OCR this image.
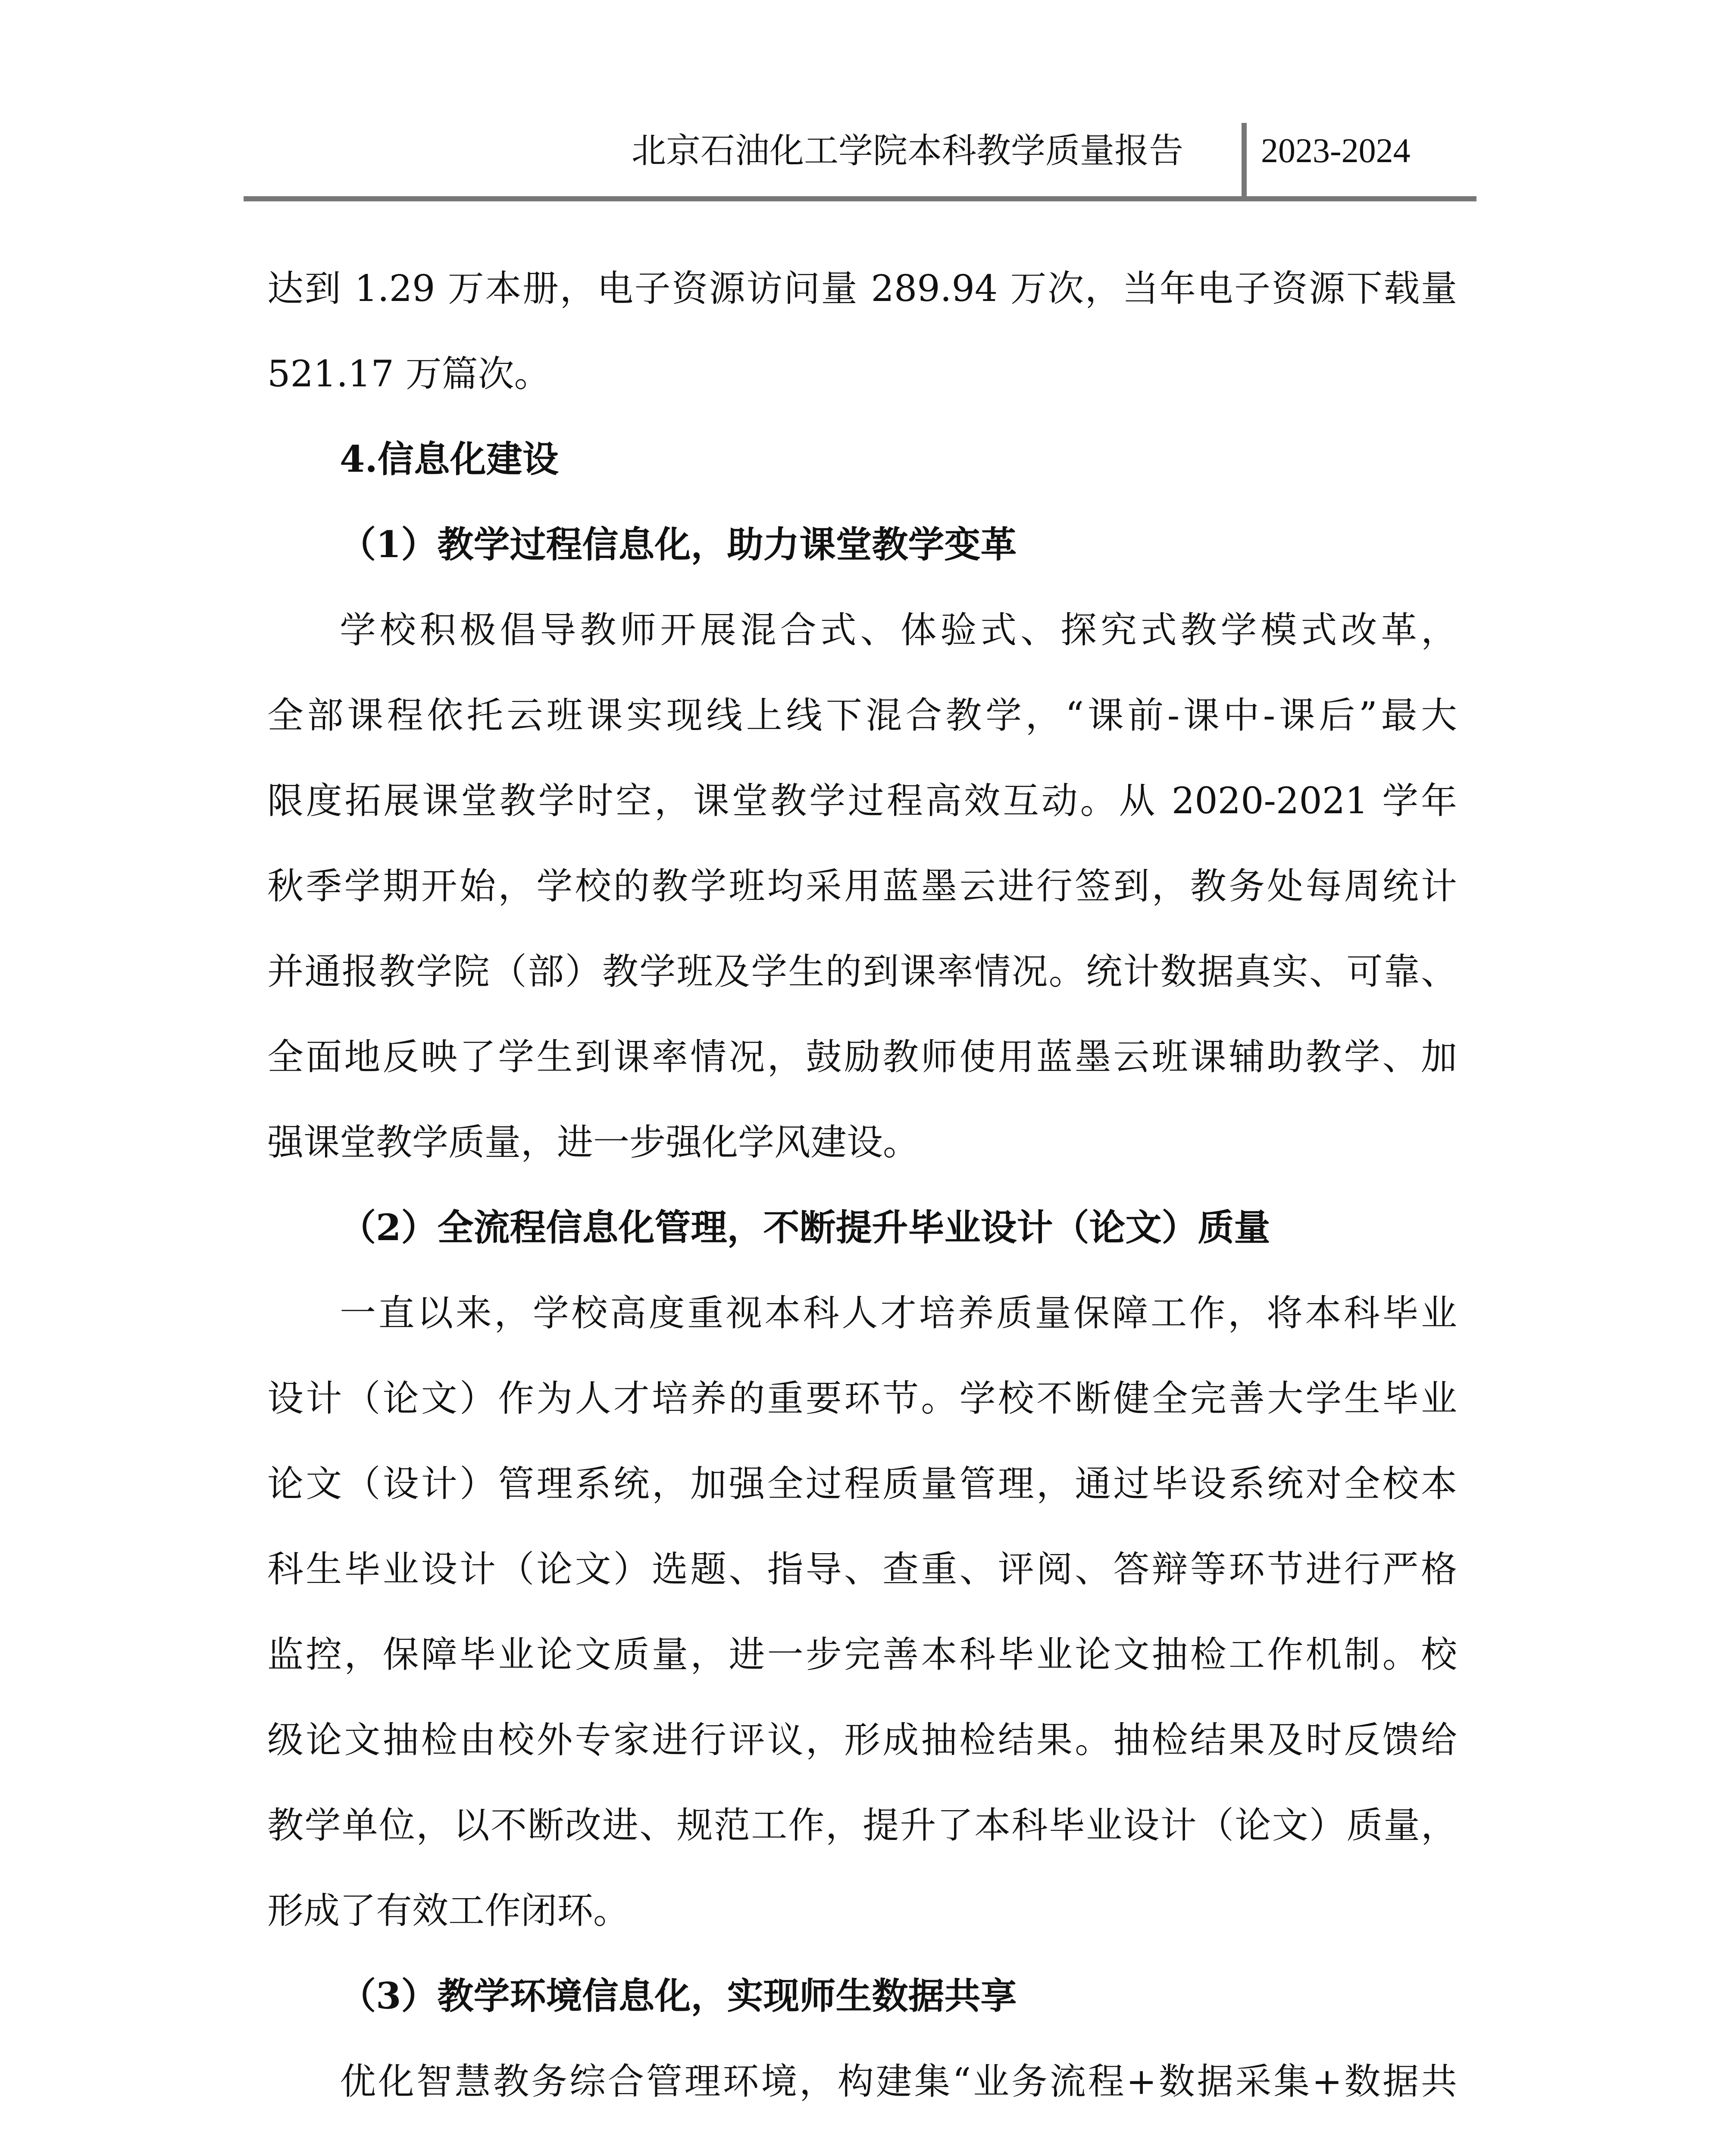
北京石油化工学院本科教学质量报告	2023-2024
达到 1.29 万本册，电子资源访问量 289.94 万次，当年电子资源下载量
521.17 万篇次。
4.信息化建设
（1）教学过程信息化，助力课堂教学变革
学校积极倡导教师开展混合式、体验式、探究式教学模式改革，
全部课程依托云班课实现线上线下混合教学，“课前-课中-课后”最大
限度拓展课堂教学时空，课堂教学过程高效互动。从 2020-2021 学年
秋季学期开始，学校的教学班均采用蓝墨云进行签到，教务处每周统计
并通报教学院（部）教学班及学生的到课率情况。统计数据真实、可靠、
全面地反映了学生到课率情况，鼓励教师使用蓝墨云班课辅助教学、加
强课堂教学质量，进一步强化学风建设。
（2）全流程信息化管理，不断提升毕业设计（论文）质量
一直以来，学校高度重视本科人才培养质量保障工作，将本科毕业
设计（论文）作为人才培养的重要环节。学校不断健全完善大学生毕业
论文（设计）管理系统，加强全过程质量管理，通过毕设系统对全校本
科生毕业设计（论文）选题、指导、查重、评阅、答辩等环节进行严格
监控，保障毕业论文质量，进一步完善本科毕业论文抽检工作机制。校
级论文抽检由校外专家进行评议，形成抽检结果。抽检结果及时反馈给
教学单位，以不断改进、规范工作，提升了本科毕业设计（论文）质量，
形成了有效工作闭环。
（3）教学环境信息化，实现师生数据共享
优化智慧教务综合管理环境，构建集“业务流程+数据采集+数据共
